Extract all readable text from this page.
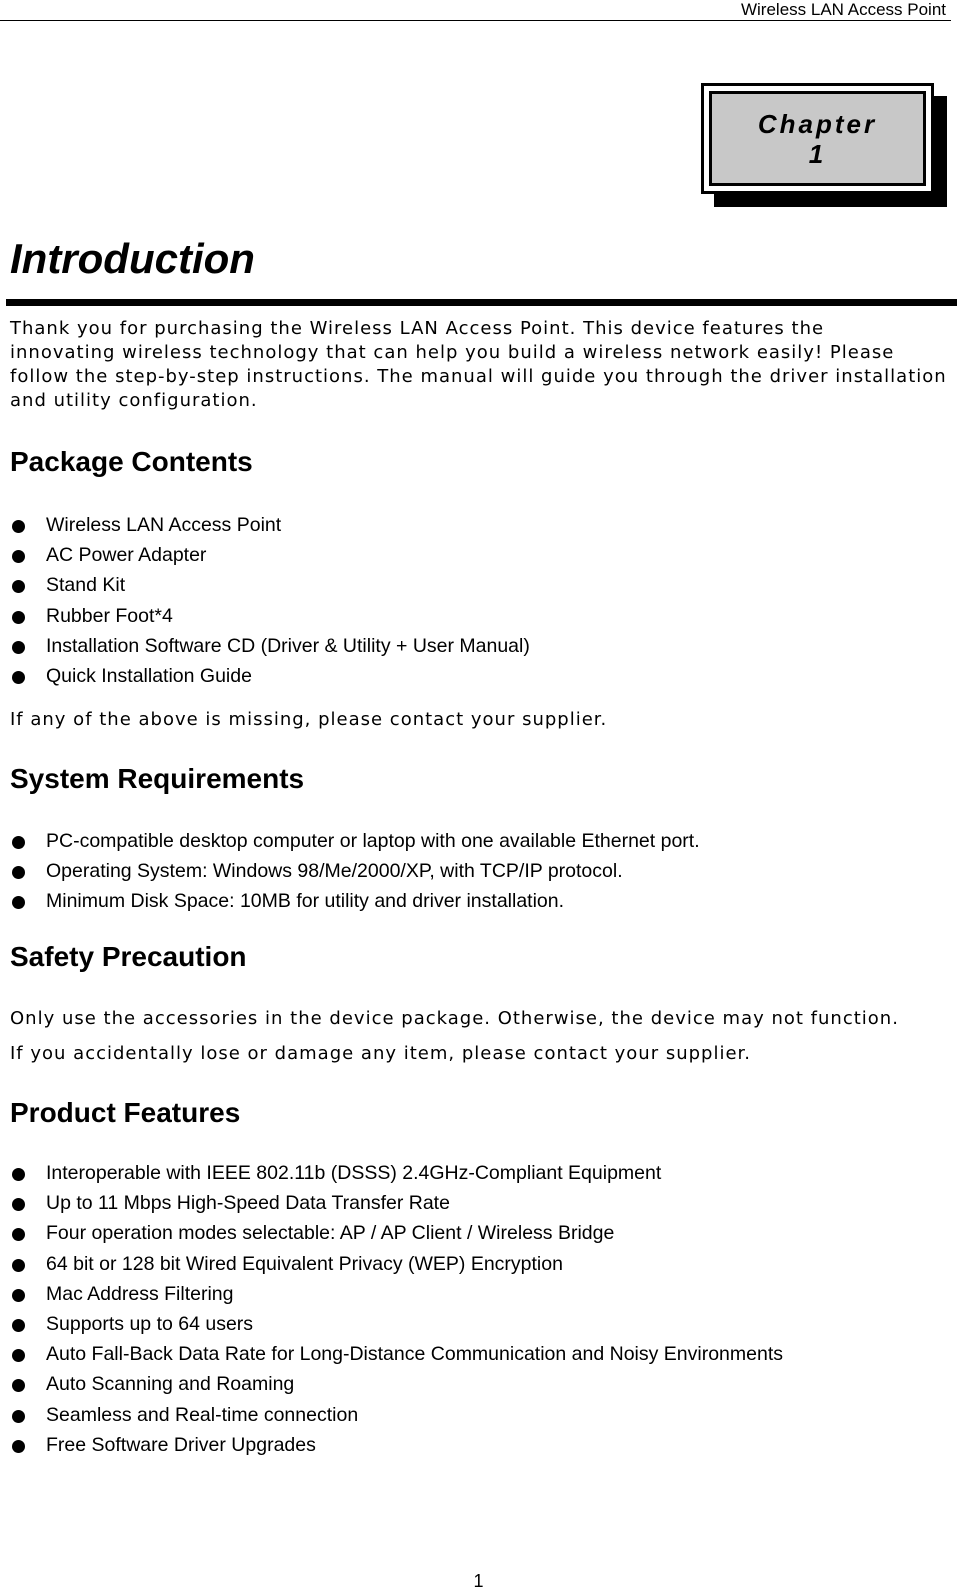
Wireless LAN Access Point
Chapter
1
Introduction
Thank you for purchasing the Wireless LAN Access Point. This device features the
innovating wireless technology that can help you build a wireless network easily! Please
follow the step-by-step instructions. The manual will guide you through the driver installation
and utility configuration.
Package Contents
Wireless LAN Access Point
AC Power Adapter
Stand Kit
Rubber Foot*4
Installation Software CD (Driver & Utility + User Manual)
Quick Installation Guide
If any of the above is missing, please contact your supplier.
System Requirements
PC-compatible desktop computer or laptop with one available Ethernet port.
Operating System: Windows 98/Me/2000/XP, with TCP/IP protocol.
Minimum Disk Space: 10MB for utility and driver installation.
Safety Precaution
Only use the accessories in the device package. Otherwise, the device may not function.
If you accidentally lose or damage any item, please contact your supplier.
Product Features
Interoperable with IEEE 802.11b (DSSS) 2.4GHz-Compliant Equipment
Up to 11 Mbps High-Speed Data Transfer Rate
Four operation modes selectable: AP / AP Client / Wireless Bridge
64 bit or 128 bit Wired Equivalent Privacy (WEP) Encryption
Mac Address Filtering
Supports up to 64 users
Auto Fall-Back Data Rate for Long-Distance Communication and Noisy Environments
Auto Scanning and Roaming
Seamless and Real-time connection
Free Software Driver Upgrades
1
